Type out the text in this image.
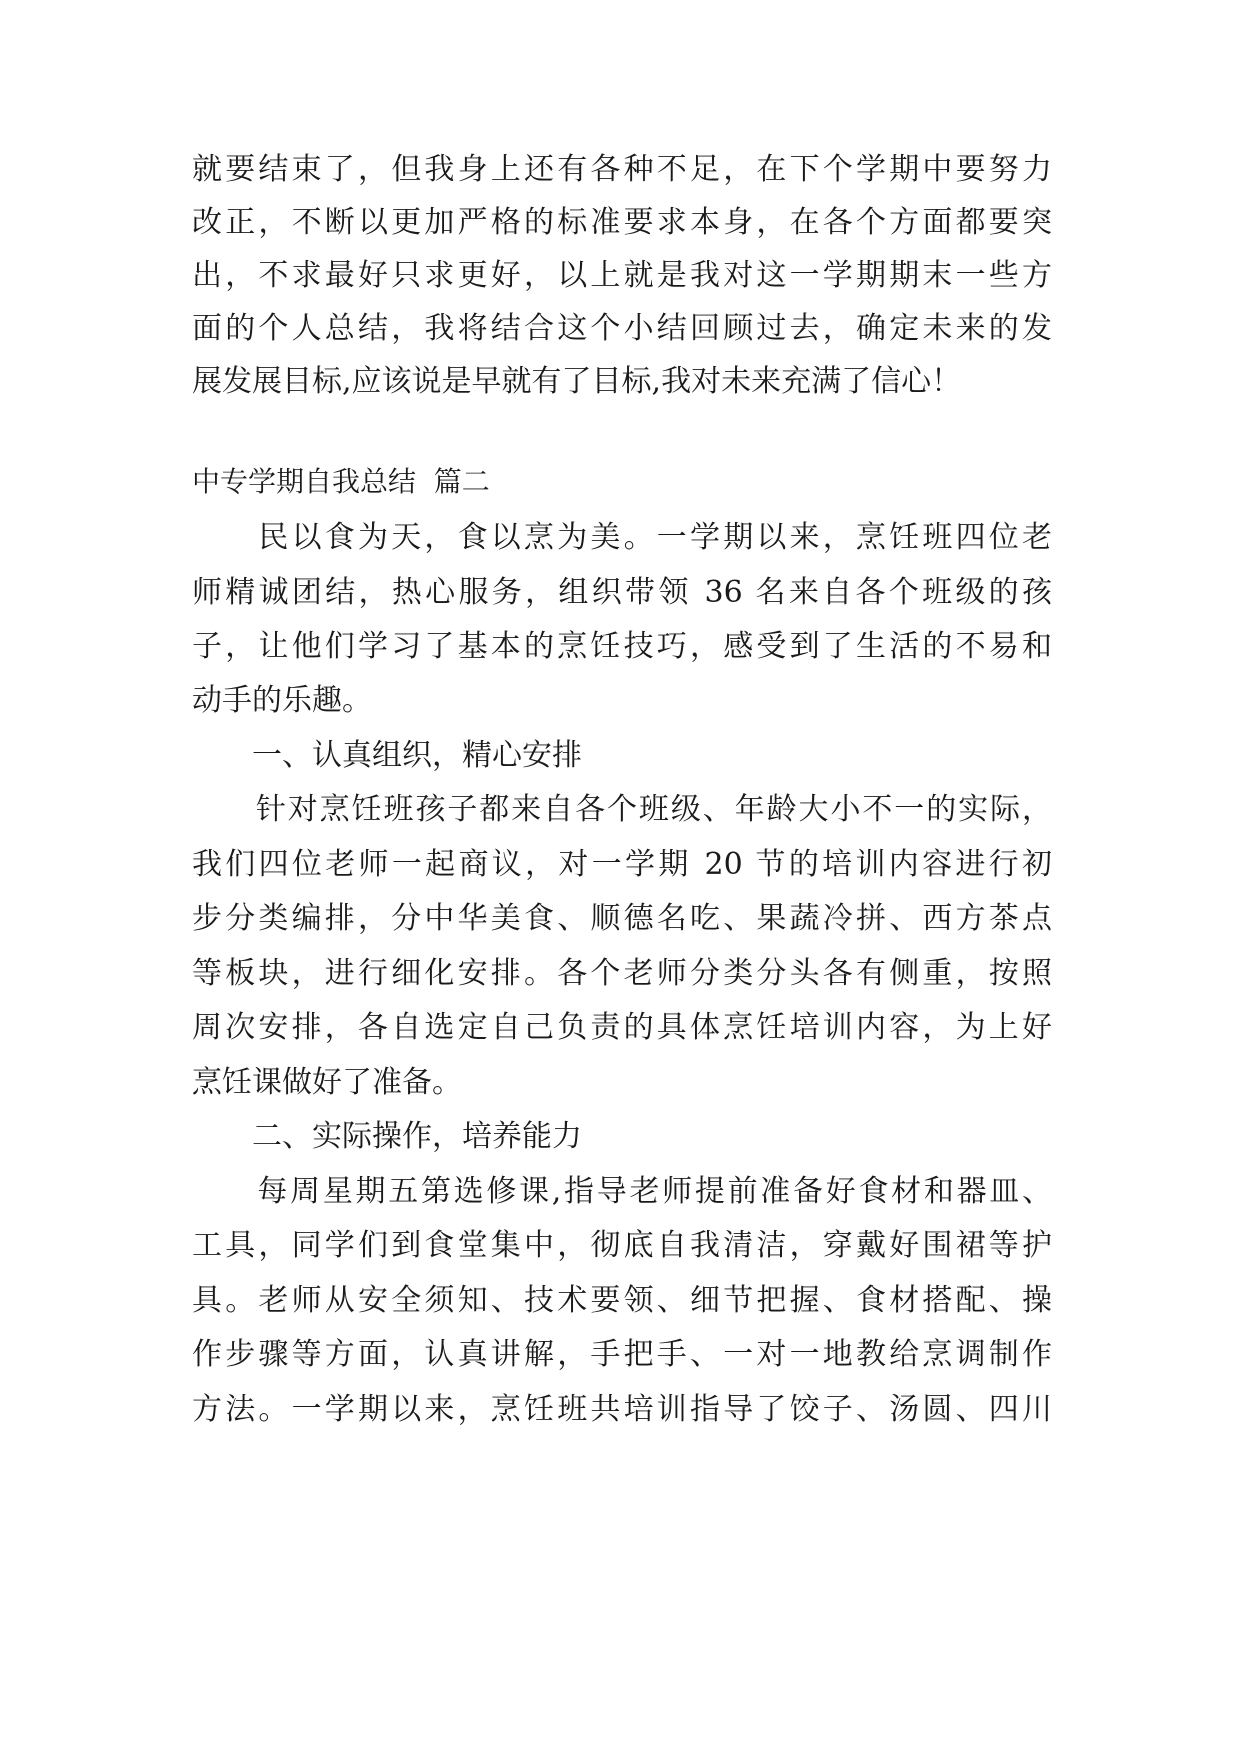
就要结束了，但我身上还有各种不足，在下个学期中要努力
改正，不断以更加严格的标准要求本身，在各个方面都要突
出，不求最好只求更好，以上就是我对这一学期期末一些方
面的个人总结，我将结合这个小结回顾过去，确定未来的发
展发展目标,应该说是早就有了目标,我对未来充满了信心！
中专学期自我总结  篇二
　　民以食为天，食以烹为美。一学期以来，烹饪班四位老
师精诚团结，热心服务，组织带领 36 名来自各个班级的孩
子，让他们学习了基本的烹饪技巧，感受到了生活的不易和
动手的乐趣。
　　一、认真组织，精心安排
　　针对烹饪班孩子都来自各个班级、年龄大小不一的实际，
我们四位老师一起商议，对一学期 20 节的培训内容进行初
步分类编排，分中华美食、顺德名吃、果蔬冷拼、西方茶点
等板块，进行细化安排。各个老师分类分头各有侧重，按照
周次安排，各自选定自己负责的具体烹饪培训内容，为上好
烹饪课做好了准备。
　　二、实际操作，培养能力
　　每周星期五第选修课,指导老师提前准备好食材和器皿、
工具，同学们到食堂集中，彻底自我清洁，穿戴好围裙等护
具。老师从安全须知、技术要领、细节把握、食材搭配、操
作步骤等方面，认真讲解，手把手、一对一地教给烹调制作
方法。一学期以来，烹饪班共培训指导了饺子、汤圆、四川
